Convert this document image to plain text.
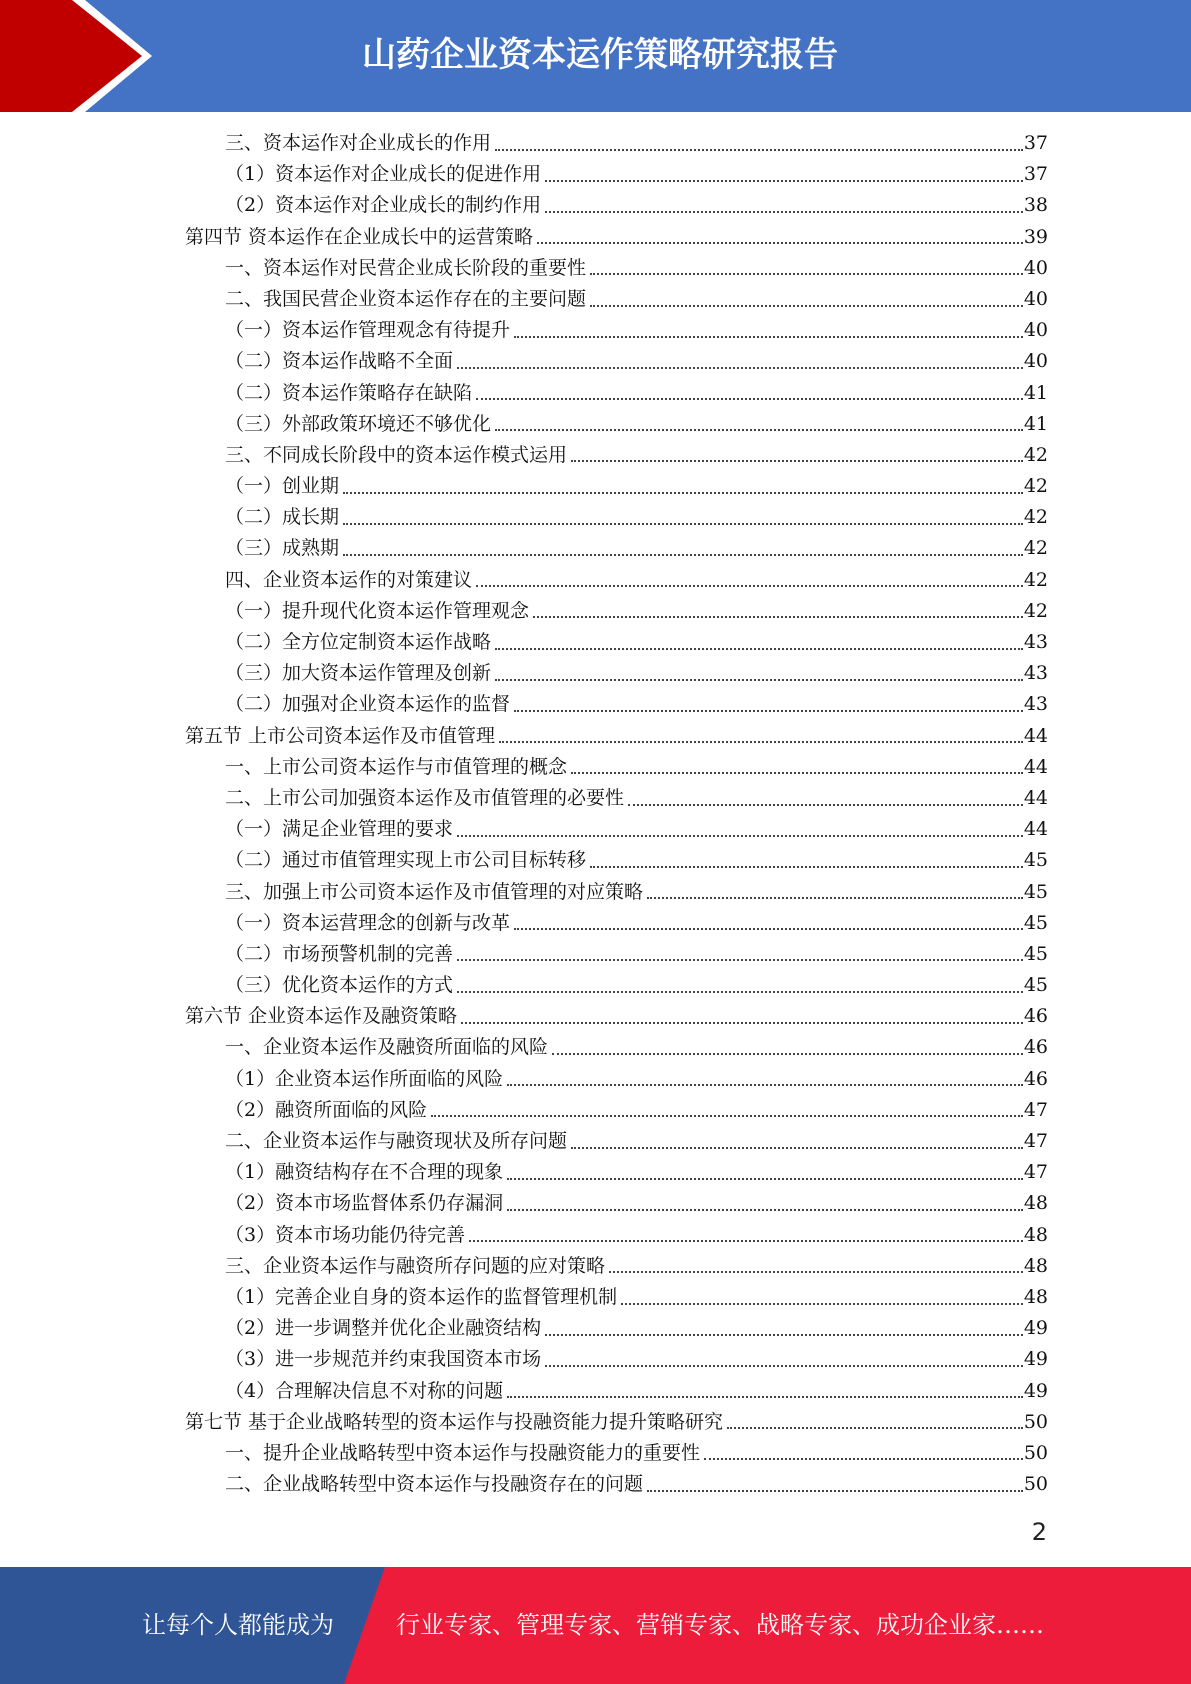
山药企业资本运作策略研究报告
三、资本运作对企业成长的作用	37
（1）资本运作对企业成长的促进作用	37
（2）资本运作对企业成长的制约作用	38
第四节 资本运作在企业成长中的运营策略	39
一、资本运作对民营企业成长阶段的重要性	40
二、我国民营企业资本运作存在的主要问题	40
（一）资本运作管理观念有待提升	40
（二）资本运作战略不全面	40
（二）资本运作策略存在缺陷	41
（三）外部政策环境还不够优化	41
三、不同成长阶段中的资本运作模式运用	42
（一）创业期	42
（二）成长期	42
（三）成熟期	42
四、企业资本运作的对策建议	42
（一）提升现代化资本运作管理观念	42
（二）全方位定制资本运作战略	43
（三）加大资本运作管理及创新	43
（二）加强对企业资本运作的监督	43
第五节 上市公司资本运作及市值管理	44
一、上市公司资本运作与市值管理的概念	44
二、上市公司加强资本运作及市值管理的必要性	44
（一）满足企业管理的要求	44
（二）通过市值管理实现上市公司目标转移	45
三、加强上市公司资本运作及市值管理的对应策略	45
（一）资本运营理念的创新与改革	45
（二）市场预警机制的完善	45
（三）优化资本运作的方式	45
第六节 企业资本运作及融资策略	46
一、企业资本运作及融资所面临的风险	46
（1）企业资本运作所面临的风险	46
（2）融资所面临的风险	47
二、企业资本运作与融资现状及所存问题	47
（1）融资结构存在不合理的现象	47
（2）资本市场监督体系仍存漏洞	48
（3）资本市场功能仍待完善	48
三、企业资本运作与融资所存问题的应对策略	48
（1）完善企业自身的资本运作的监督管理机制	48
（2）进一步调整并优化企业融资结构	49
（3）进一步规范并约束我国资本市场	49
（4）合理解决信息不对称的问题	49
第七节 基于企业战略转型的资本运作与投融资能力提升策略研究	50
一、提升企业战略转型中资本运作与投融资能力的重要性	50
二、企业战略转型中资本运作与投融资存在的问题	50
2
让每个人都能成为	行业专家、管理专家、营销专家、战略专家、成功企业家……
